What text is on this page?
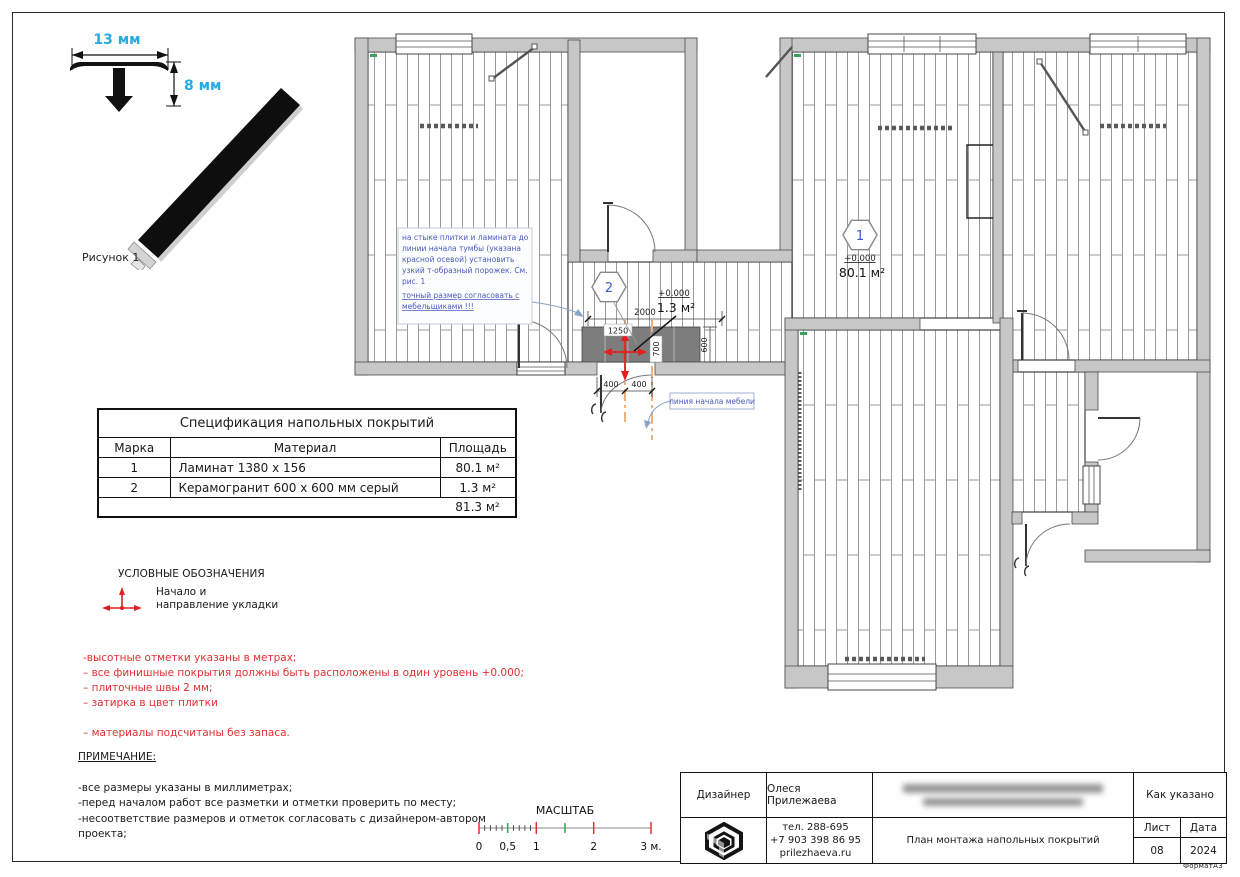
13 мм
8 мм
Рисунок 1
2000
1250
700	600
400 400
1
+0.000
80.1 м²
2	+0.000
1.3 м²
на стыке плитки и ламината до
линии начала тумбы (указана
красной осевой) установить
узкий т-образный порожек. См.
рис. 1
точный размер согласовать с
мебельщиками !!!
линия начала мебели
Спецификация напольных покрытий		
Марка	Материал	Площадь
1	Ламинат 1380 x 156	80.1 м²
2	Керамогранит 600 x 600 мм серый	1.3 м²
		81.3 м²
УСЛОВНЫЕ ОБОЗНАЧЕНИЯ
Начало и
направление укладки
-высотные отметки указаны в метрах;
– все финишные покрытия должны быть расположены в один уровень +0.000;
– плиточные швы 2 мм;
– затирка в цвет плитки
– материалы подсчитаны без запаса.
ПРИМЕЧАНИЕ:
-все размеры указаны в миллиметрах;
-перед началом работ все разметки и отметки проверить по месту;
-несоответствие размеров и отметок согласовать с дизайнером-автором проекта;
МАСШТАБ
0 0,5 1	2	3 м.
Дизайнер	Олеся Прилежаева	Как указано
тел. 288-695
+7 903 398 86 95
prilezhaeva.ru
План монтажа напольных покрытий
Лист	Дата
08	2024
ФорматА3
